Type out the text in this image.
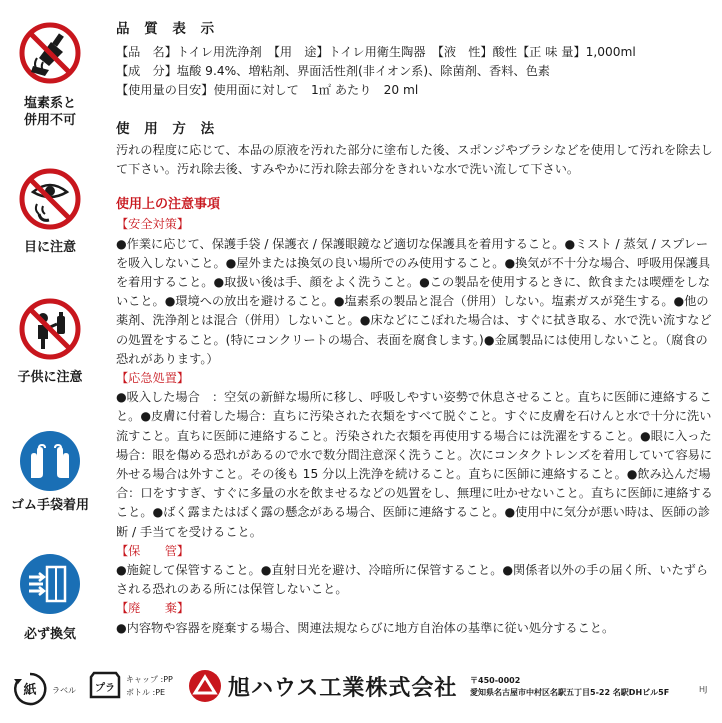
塩素系と
併用不可
目に注意
子供に注意
ゴム手袋着用
必ず換気
品 質 表 示
【品　名】トイレ用洗浄剤　【用　途】トイレ用衛生陶器　【液　性】酸性【正 味 量】1,000ml
【成　分】塩酸 9.4%、増粘剤、界面活性剤(非イオン系)、除菌剤、香料、色素
【使用量の目安】使用面に対して　1㎡ あたり　20 ml
使 用 方 法
汚れの程度に応じて、本品の原液を汚れた部分に塗布した後、スポンジやブラシなどを使用して汚れを除去して下さい。汚れ除去後、すみやかに汚れ除去部分をきれいな水で洗い流して下さい。
使用上の注意事項
【安全対策】
●作業に応じて、保護手袋 / 保護衣 / 保護眼鏡など適切な保護具を着用すること。●ミスト / 蒸気 / スプレーを吸入しないこと。●屋外または換気の良い場所でのみ使用すること。●換気が不十分な場合、呼吸用保護具を着用すること。●取扱い後は手、顔をよく洗うこと。●この製品を使用するときに、飲食または喫煙をしないこと。●環境への放出を避けること。●塩素系の製品と混合（併用）しない。塩素ガスが発生する。●他の薬剤、洗浄剤とは混合（併用）しないこと。●床などにこぼれた場合は、すぐに拭き取る、水で洗い流すなどの処置をすること。(特にコンクリートの場合、表面を腐食します。)●金属製品には使用しないこと。（腐食の恐れがあります。）
【応急処置】
●吸入した場合　：空気の新鮮な場所に移し、呼吸しやすい姿勢で休息させること。直ちに医師に連絡すること。●皮膚に付着した場合：直ちに汚染された衣類をすべて脱ぐこと。すぐに皮膚を石けんと水で十分に洗い流すこと。直ちに医師に連絡すること。汚染された衣類を再使用する場合には洗濯をすること。●眼に入った場合：眼を傷める恐れがあるので水で数分間注意深く洗うこと。次にコンタクトレンズを着用していて容易に外せる場合は外すこと。その後も 15 分以上洗浄を続けること。直ちに医師に連絡すること。●飲み込んだ場合：口をすすぎ、すぐに多量の水を飲ませるなどの処置をし、無理に吐かせないこと。直ちに医師に連絡すること。●ばく露またはばく露の懸念がある場合、医師に連絡すること。●使用中に気分が悪い時は、医師の診断 / 手当てを受けること。
【保　　管】
●施錠して保管すること。●直射日光を避け、冷暗所に保管すること。●関係者以外の手の届く所、いたずらされる恐れのある所には保管しないこと。
【廃　　棄】
●内容物や容器を廃棄する場合、関連法規ならびに地方自治体の基準に従い処分すること。
紙	ラベル	プラ
キャップ :PP
ボトル :PE	旭ハウス工業株式会社 〒450-0002
愛知県名古屋市中村区名駅五丁目5-22 名駅DHビル5F	HJ
